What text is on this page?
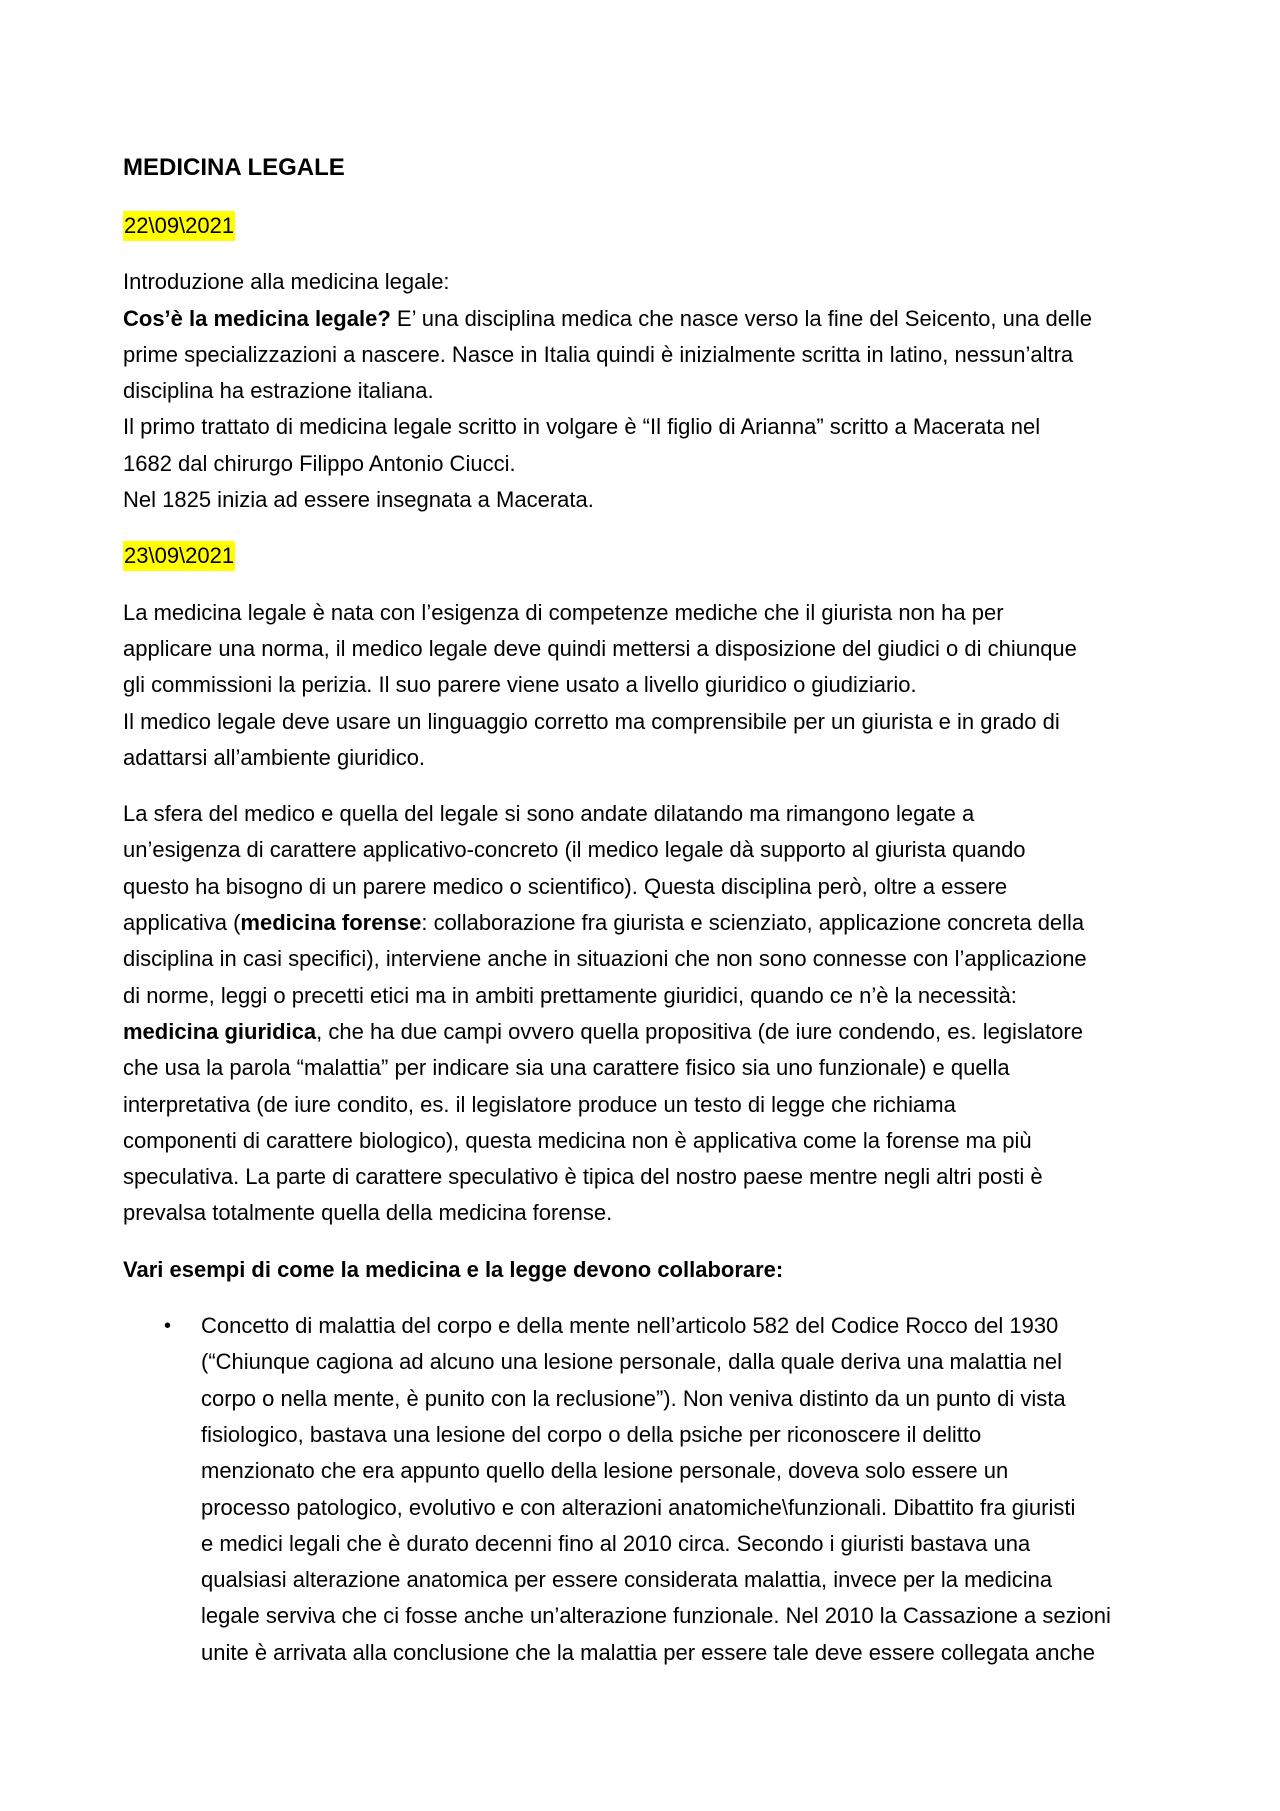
MEDICINA LEGALE
22\09\2021

Introduzione alla medicina legale:
Cos’è la medicina legale? E’ una disciplina medica che nasce verso la fine del Seicento, una delle
prime specializzazioni a nascere. Nasce in Italia quindi è inizialmente scritta in latino, nessun’altra
disciplina ha estrazione italiana.
Il primo trattato di medicina legale scritto in volgare è “Il figlio di Arianna” scritto a Macerata nel
1682 dal chirurgo Filippo Antonio Ciucci.
Nel 1825 inizia ad essere insegnata a Macerata.

23\09\2021

La medicina legale è nata con l’esigenza di competenze mediche che il giurista non ha per
applicare una norma, il medico legale deve quindi mettersi a disposizione del giudici o di chiunque
gli commissioni la perizia. Il suo parere viene usato a livello giuridico o giudiziario.
Il medico legale deve usare un linguaggio corretto ma comprensibile per un giurista e in grado di
adattarsi all’ambiente giuridico.

La sfera del medico e quella del legale si sono andate dilatando ma rimangono legate a
un’esigenza di carattere applicativo-concreto (il medico legale dà supporto al giurista quando
questo ha bisogno di un parere medico o scientifico). Questa disciplina però, oltre a essere
applicativa (medicina forense: collaborazione fra giurista e scienziato, applicazione concreta della
disciplina in casi specifici), interviene anche in situazioni che non sono connesse con l’applicazione
di norme, leggi o precetti etici ma in ambiti prettamente giuridici, quando ce n’è la necessità:
medicina giuridica, che ha due campi ovvero quella propositiva (de iure condendo, es. legislatore
che usa la parola “malattia” per indicare sia una carattere fisico sia uno funzionale) e quella
interpretativa (de iure condito, es. il legislatore produce un testo di legge che richiama
componenti di carattere biologico), questa medicina non è applicativa come la forense ma più
speculativa. La parte di carattere speculativo è tipica del nostro paese mentre negli altri posti è
prevalsa totalmente quella della medicina forense.

Vari esempi di come la medicina e la legge devono collaborare:

• Concetto di malattia del corpo e della mente nell’articolo 582 del Codice Rocco del 1930
(“Chiunque cagiona ad alcuno una lesione personale, dalla quale deriva una malattia nel
corpo o nella mente, è punito con la reclusione”). Non veniva distinto da un punto di vista
fisiologico, bastava una lesione del corpo o della psiche per riconoscere il delitto
menzionato che era appunto quello della lesione personale, doveva solo essere un
processo patologico, evolutivo e con alterazioni anatomiche\funzionali. Dibattito fra giuristi
e medici legali che è durato decenni fino al 2010 circa. Secondo i giuristi bastava una
qualsiasi alterazione anatomica per essere considerata malattia, invece per la medicina
legale serviva che ci fosse anche un’alterazione funzionale. Nel 2010 la Cassazione a sezioni
unite è arrivata alla conclusione che la malattia per essere tale deve essere collegata anche
